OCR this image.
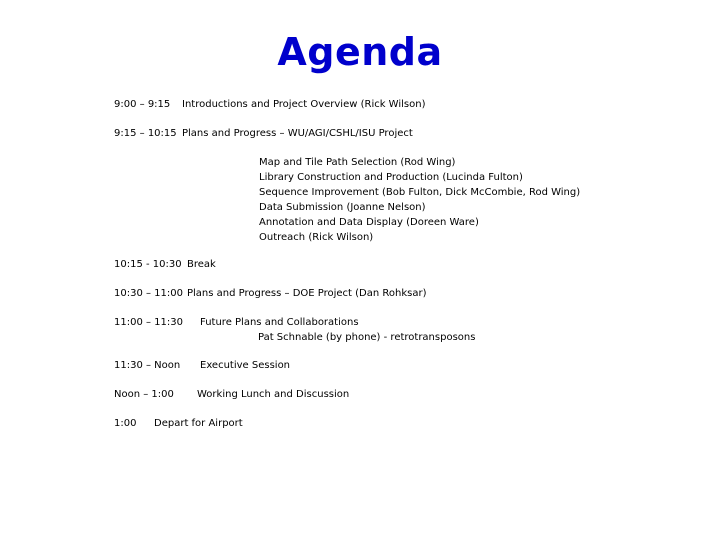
Agenda
9:00 – 9:15 Introductions and Project Overview (Rick Wilson)
9:15 – 10:15 Plans and Progress – WU/AGI/CSHL/ISU Project
Map and Tile Path Selection (Rod Wing)
Library Construction and Production (Lucinda Fulton)
Sequence Improvement (Bob Fulton, Dick McCombie, Rod Wing)
Data Submission (Joanne Nelson)
Annotation and Data Display (Doreen Ware)
Outreach (Rick Wilson)
10:15 - 10:30 Break
10:30 – 11:00 Plans and Progress – DOE Project (Dan Rohksar)
11:00 – 11:30 Future Plans and Collaborations
Pat Schnable (by phone) - retrotransposons
11:30 – Noon Executive Session
Noon – 1:00 Working Lunch and Discussion
1:00 Depart for Airport
